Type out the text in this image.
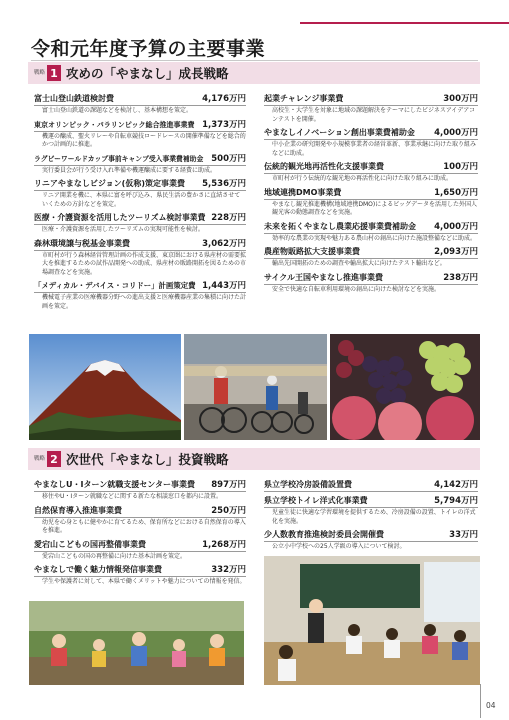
令和元年度予算の主要事業
戦略 1 攻めの「やまなし」成長戦略
富士山登山鉄道検討費	4,176万円
富士山登山鉄道の課題などを検討し、基本構想を策定。
東京オリンピック・パラリンピック総合推進事業費 1,373万円
機運の醸成、聖火リレーや自転車競技ロードレースの開催準備などを総合的かつ計画的に推進。
ラグビーワールドカップ事前キャンプ受入事業費補助金 500万円
実行委員会が行う受け入れ準備や機運醸成に要する経費に助成。
リニアやまなしビジョン(仮称)策定事業費 5,536万円
リニア開業を機に、本県に富を呼び込み、県民生活の豊かさに直結させていくための方針などを策定。
医療・介護資源を活用したツーリズム検討事業費 228万円
医療・介護資源を活用したツーリズムの実現可能性を検討。
森林環境譲与税基金事業費	3,062万円
市町村が行う森林経営管理計画の作成支援、東京圏における県産材の需要拡大を推進するための試作品開発への助成、県産材の販路開拓を図るための市場調査などを実施。
「メディカル・デバイス・コリドー」計画策定費 1,443万円
機械電子産業の医療機器分野への進出支援と医療機器産業の集積に向けた計画を策定。
起業チャレンジ事業費	300万円
高校生・大学生を対象に地域の課題解決をテーマにしたビジネスアイデアコンテストを開催。
やまなしイノベーション創出事業費補助金 4,000万円
中小企業の研究開発や小規模事業者の経営革新、事業承継に向けた取り組みなどに助成。
伝統的観光地再活性化支援事業費	100万円
市町村が行う伝統的な観光地の再活性化に向けた取り組みに助成。
地域連携DMO事業費	1,650万円
やまなし観光推進機構(地域連携DMO)によるビッグデータを活用した外国人観光客の動態調査などを実施。
未来を拓くやまなし農業応援事業費補助金 4,000万円
効率的な農業の実現や魅力ある農山村の創出に向けた施設整備などに助成。
農産物販路拡大支援事業費	2,093万円
輸出先国開拓のための調査や輸出拡大に向けたテスト輸出など。
サイクル王国やまなし推進事業費	238万円
安全で快適な自転車利用環境の創出に向けた検討などを実施。
戦略 2 次世代「やまなし」投資戦略
やまなしU・Iターン就職支援センター事業費 897万円
移住やU・Iターン就職などに関する新たな相談窓口を都内に設置。
自然保育導入推進事業費	250万円
幼児を心身ともに健やかに育てるため、保育所などにおける自然保育の導入を推進。
愛宕山こどもの国再整備事業費	1,268万円
愛宕山こどもの国の再整備に向けた基本計画を策定。
やまなしで働く魅力情報発信事業費	332万円
学生や保護者に対して、本県で働くメリットや魅力についての情報を発信。
県立学校冷房設備設置費	4,142万円
県立学校トイレ洋式化事業費	5,794万円
児童生徒に快適な学習環境を提供するため、冷房設備の設置、トイレの洋式化を実施。
少人数教育推進検討委員会開催費	33万円
公立小中学校への25人学級の導入について検討。
04
